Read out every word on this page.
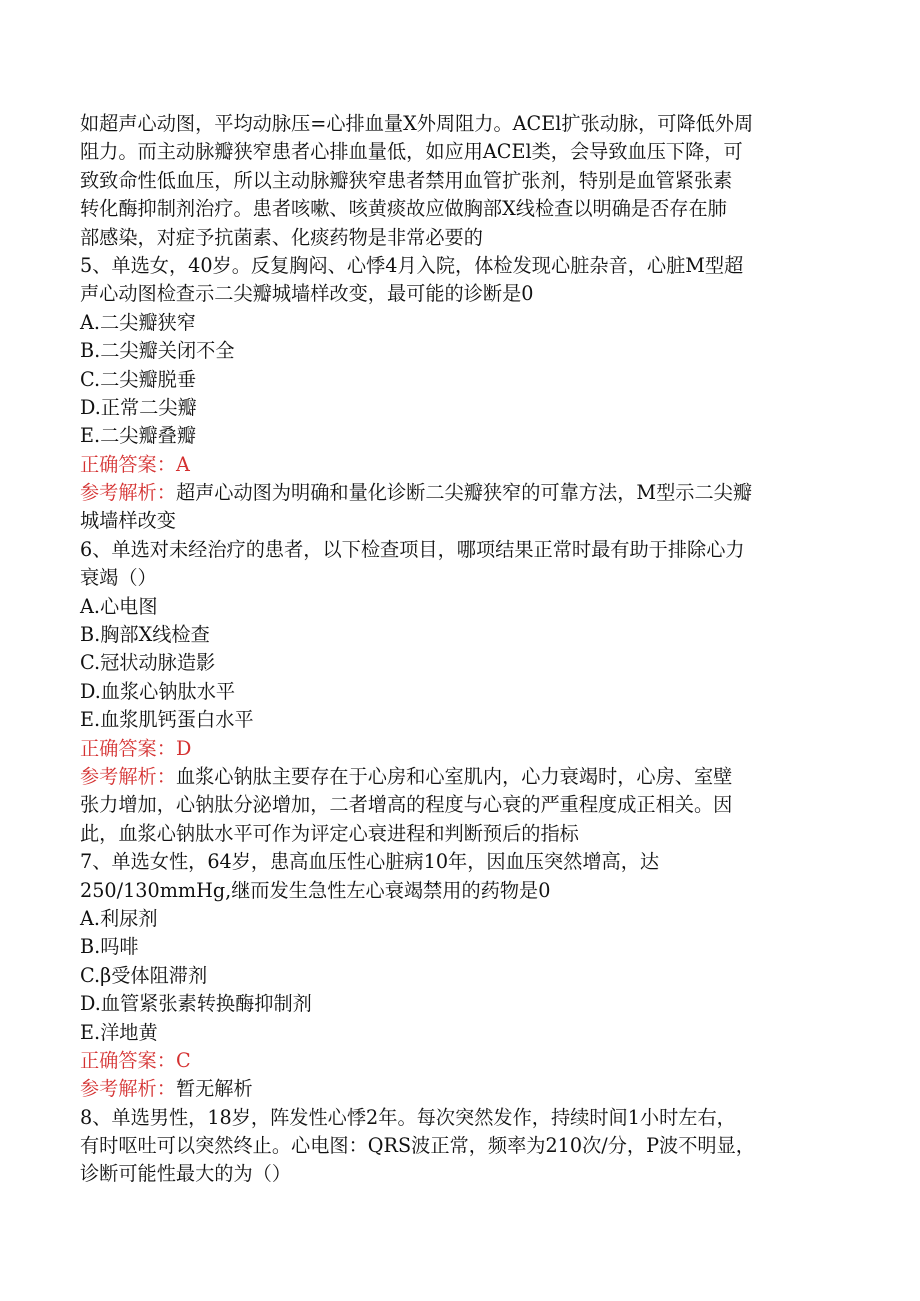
如超声心动图，平均动脉压=心排血量X外周阻力。ACEl扩张动脉，可降低外周
阻力。而主动脉瓣狭窄患者心排血量低，如应用ACEl类，会导致血压下降，可
致致命性低血压，所以主动脉瓣狭窄患者禁用血管扩张剂，特别是血管紧张素
转化酶抑制剂治疗。患者咳嗽、咳黄痰故应做胸部X线检查以明确是否存在肺
部感染，对症予抗菌素、化痰药物是非常必要的
5、单选女，40岁。反复胸闷、心悸4月入院，体检发现心脏杂音，心脏M型超
声心动图检查示二尖瓣城墙样改变，最可能的诊断是0
A.二尖瓣狭窄
B.二尖瓣关闭不全
C.二尖瓣脱垂
D.正常二尖瓣
E.二尖瓣叠瓣
正确答案：A
参考解析：超声心动图为明确和量化诊断二尖瓣狭窄的可靠方法，M型示二尖瓣
城墙样改变
6、单选对未经治疗的患者，以下检查项目，哪项结果正常时最有助于排除心力
衰竭（）
A.心电图
B.胸部X线检查
C.冠状动脉造影
D.血浆心钠肽水平
E.血浆肌钙蛋白水平
正确答案：D
参考解析：血浆心钠肽主要存在于心房和心室肌内，心力衰竭时，心房、室壁
张力增加，心钠肽分泌增加，二者增高的程度与心衰的严重程度成正相关。因
此，血浆心钠肽水平可作为评定心衰进程和判断预后的指标
7、单选女性，64岁，患高血压性心脏病10年，因血压突然增高，达
250/130mmHg,继而发生急性左心衰竭禁用的药物是0
A.利尿剂
B.吗啡
C.β受体阻滞剂
D.血管紧张素转换酶抑制剂
E.洋地黄
正确答案：C
参考解析：暂无解析
8、单选男性，18岁，阵发性心悸2年。每次突然发作，持续时间1小时左右，
有时呕吐可以突然终止。心电图：QRS波正常，频率为210次/分，P波不明显，
诊断可能性最大的为（）
